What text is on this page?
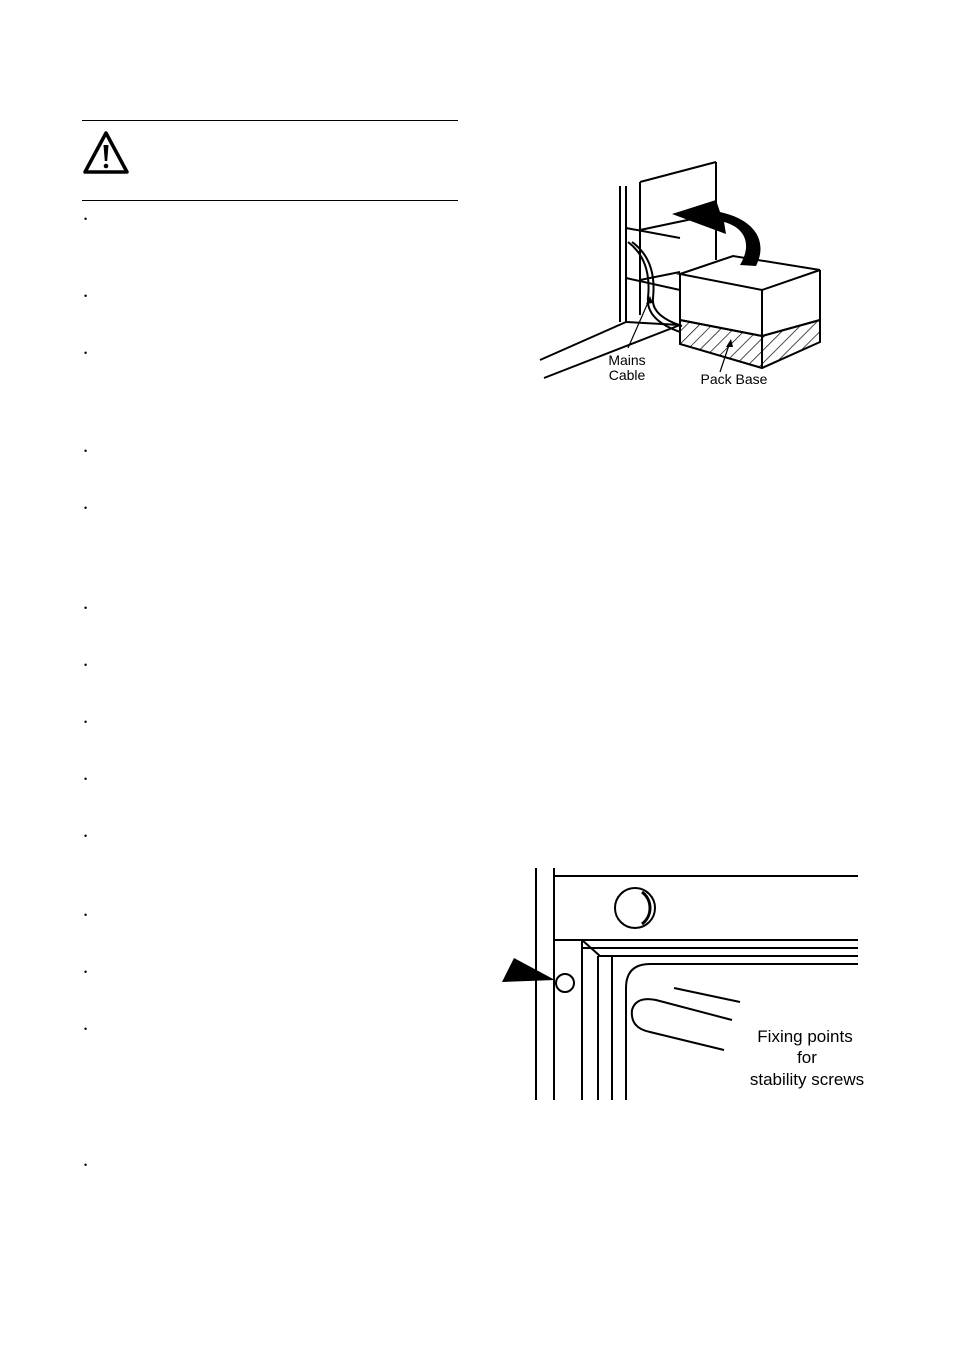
•
•
•
•
•
•
•
•
•
•
•
•
•
•
Mains
Cable	Pack Base
Fixing points
for
stability screws
